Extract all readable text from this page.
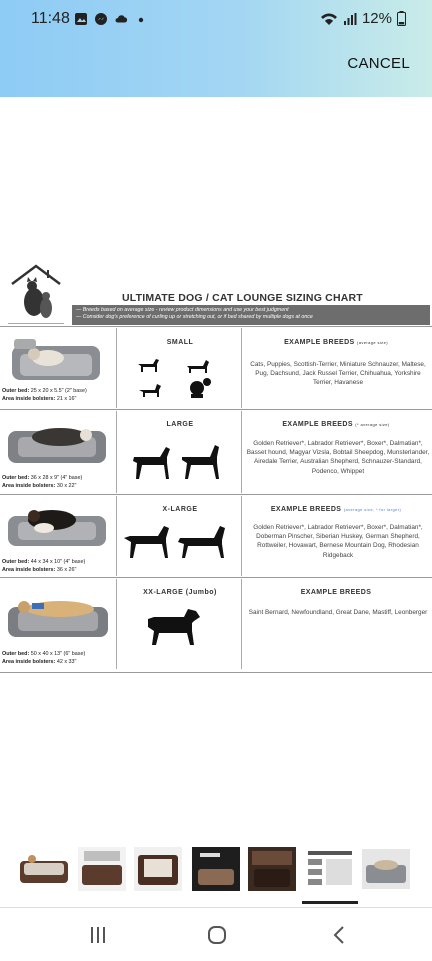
11:48	12%
CANCEL
ULTIMATE DOG / CAT LOUNGE SIZING CHART
— Breeds based on average size - review product dimensions and use your best judgment
— Consider dog's preference of curling up or stretching out, or if bed shared by multiple dogs at once
Outer bed: 25 x 20 x 5.5" (2" base)
Area inside bolsters: 21 x 16"
SMALL	EXAMPLE BREEDS (average size)
Cats, Puppies, Scottish-Terrier, Miniature Schnauzer, Maltese, Pug, Dachsund, Jack Russel Terrier, Chihuahua, Yorkshire Terrier, Havanese
Outer bed: 36 x 28 x 9" (4" base)
Area inside bolsters: 30 x 22"
LARGE	EXAMPLE BREEDS (* average size)
Golden Retriever*, Labrador Retriever*, Boxer*, Dalmatian*, Basset hound, Magyar Vizsla, Bobtail Sheepdog, Munsterlander, Airedale Terrier, Australian Shepherd, Schnauzer-Standard, Podenco, Whippet
Outer bed: 44 x 34 x 10" (4" base)
Area inside bolsters: 36 x 26"
X-LARGE	EXAMPLE BREEDS (average size, * for larger)
Golden Retriever*, Labrador Retriever*, Boxer*, Dalmatian*, Doberman Pinscher, Siberian Huskey, German Shepherd, Rottweiler, Hovawart, Bernese Mountain Dog, Rhodesian Ridgeback
Outer bed: 50 x 40 x 13" (6" base)
Area inside bolsters: 42 x 33"
XX-LARGE (Jumbo)	EXAMPLE BREEDS
Saint Bernard, Newfoundland, Great Dane, Mastiff, Leonberger
